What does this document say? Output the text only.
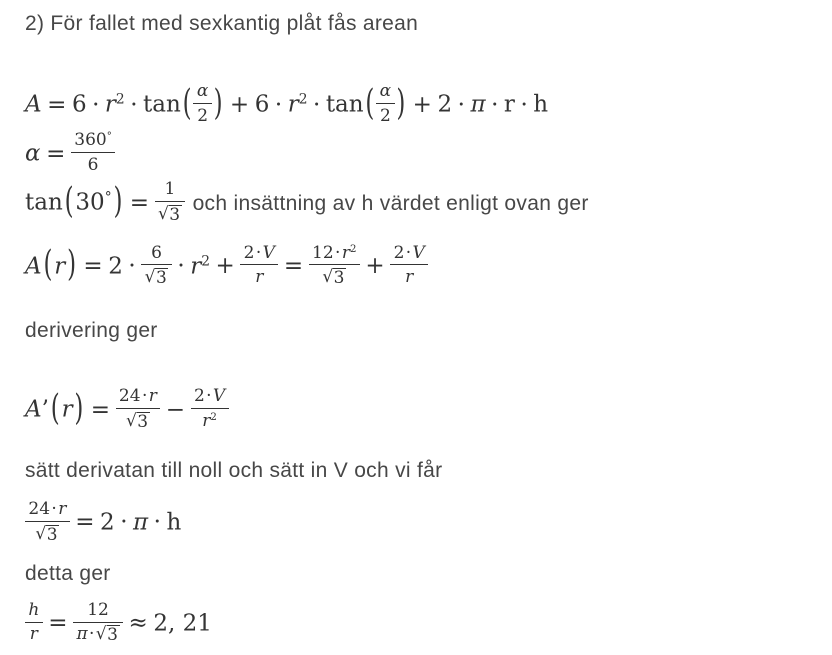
2) För fallet med sexkantig plåt fås arean

$A = 6 \cdot r^2 \cdot \tan( \frac{\alpha}{2}$ ) + $6 \cdot r^2 \cdot \tan( \frac{\alpha}{2}$ ) + 2 · π · r · h
$\alpha = \frac{360^\circ}{6}$
$\tan(30^\circ) = \frac{1}{√ 3}$ och insättning av h värdet enligt ovan ger
$A(r) = 2 \cdot \frac{6}{√ 3} \cdot r^2 + \frac{2\cdot V}{r} = \frac{12\cdot r^2}{√ 3} + \frac{2\cdot V}{r}$

derivering ger

A’(r) = $\frac{24\cdot r}{√ 3} - \frac{2\cdot V}{r^2}$

sätt derivatan till noll och sätt in V och vi får

$\frac{24\cdot r}{√ 3} = 2 \cdot \pi \cdot h$

detta ger

$\frac{h}{r} = \frac{12}{\pi\cdot √ 3} \approx 2$, 21
